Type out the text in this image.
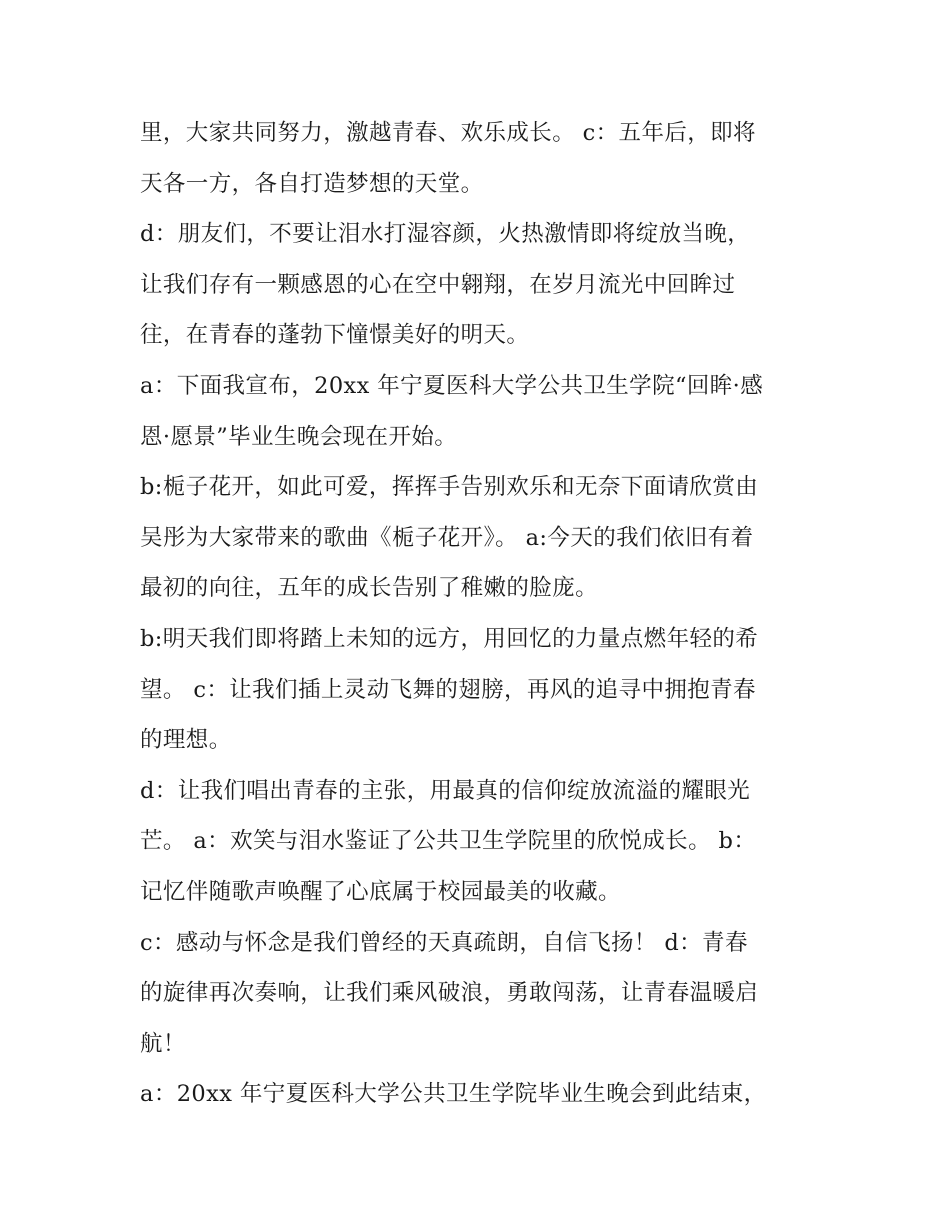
里，大家共同努力，激越青春、欢乐成长。 c：五年后，即将
天各一方，各自打造梦想的天堂。

d：朋友们，不要让泪水打湿容颜，火热激情即将绽放当晚，
让我们存有一颗感恩的心在空中翱翔，在岁月流光中回眸过
往，在青春的蓬勃下憧憬美好的明天。

a：下面我宣布，20xx 年宁夏医科大学公共卫生学院“回眸·感
恩·愿景”毕业生晚会现在开始。

b:栀子花开，如此可爱，挥挥手告别欢乐和无奈下面请欣赏由
吴彤为大家带来的歌曲《栀子花开》。 a:今天的我们依旧有着
最初的向往，五年的成长告别了稚嫩的脸庞。

b:明天我们即将踏上未知的远方，用回忆的力量点燃年轻的希
望。 c：让我们插上灵动飞舞的翅膀，再风的追寻中拥抱青春
的理想。

d：让我们唱出青春的主张，用最真的信仰绽放流溢的耀眼光
芒。 a：欢笑与泪水鉴证了公共卫生学院里的欣悦成长。 b：
记忆伴随歌声唤醒了心底属于校园最美的收藏。

c：感动与怀念是我们曾经的天真疏朗，自信飞扬！ d：青春
的旋律再次奏响，让我们乘风破浪，勇敢闯荡，让青春温暖启
航！

a：20xx 年宁夏医科大学公共卫生学院毕业生晚会到此结束，
